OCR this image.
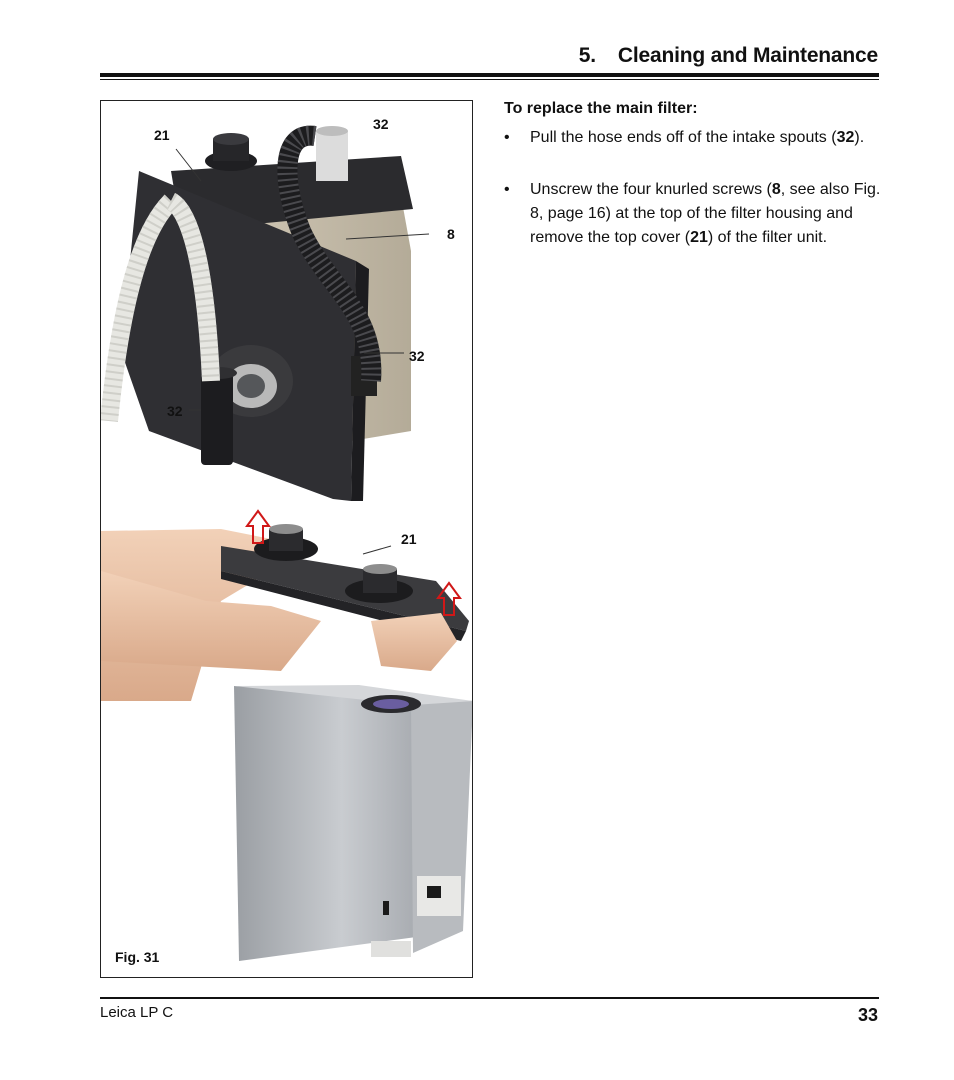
5. Cleaning and Maintenance
21
32
8
32
32
21
Fig. 31
To replace the main filter:
• Pull the hose ends off of the intake spouts (32).
• Unscrew the four knurled screws (8, see also Fig. 8, page 16) at the top of the filter housing and remove the top cover (21) of the filter unit.
Leica LP C	33
